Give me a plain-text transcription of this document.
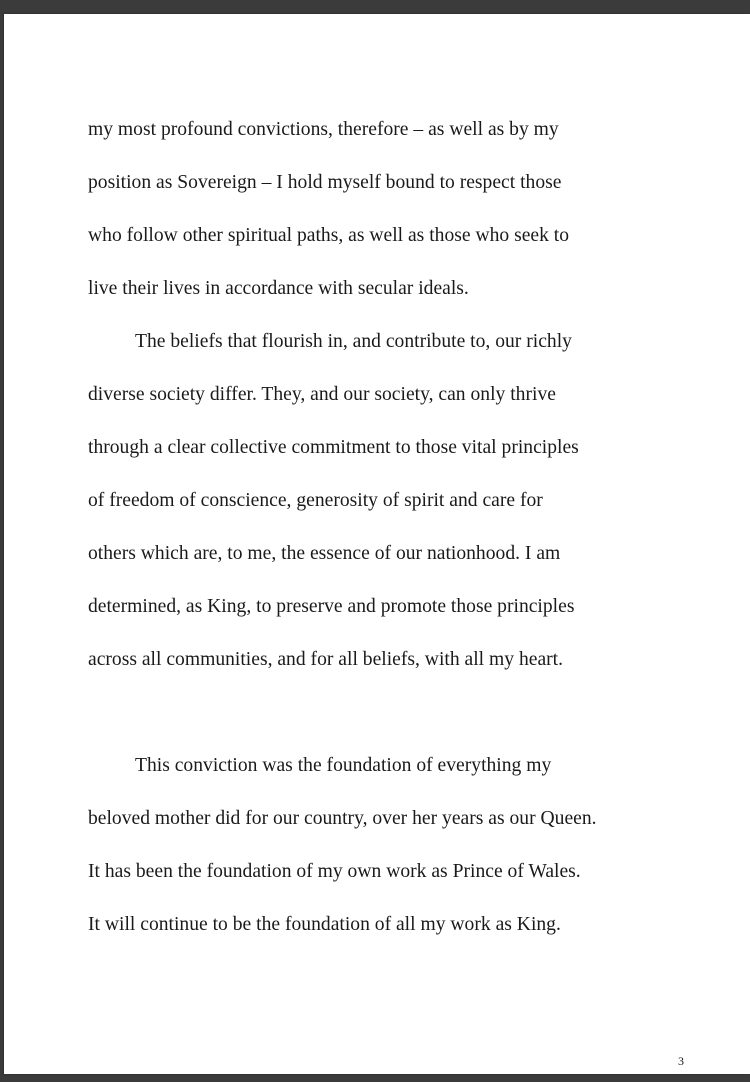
my most profound convictions, therefore – as well as by my
position as Sovereign – I hold myself bound to respect those
who follow other spiritual paths, as well as those who seek to
live their lives in accordance with secular ideals.
The beliefs that flourish in, and contribute to, our richly
diverse society differ. They, and our society, can only thrive
through a clear collective commitment to those vital principles
of freedom of conscience, generosity of spirit and care for
others which are, to me, the essence of our nationhood. I am
determined, as King, to preserve and promote those principles
across all communities, and for all beliefs, with all my heart.
This conviction was the foundation of everything my
beloved mother did for our country, over her years as our Queen.
It has been the foundation of my own work as Prince of Wales.
It will continue to be the foundation of all my work as King.
3
